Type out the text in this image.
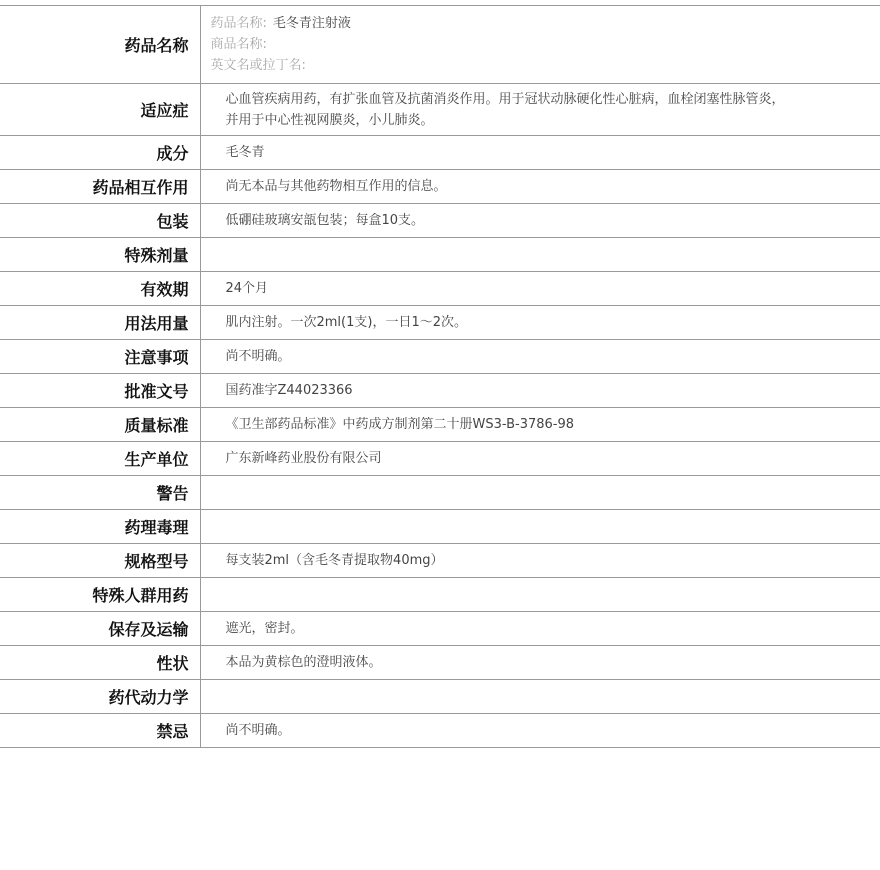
药品名称	药品名称: 毛冬青注射液
商品名称:
英文名或拉丁名:

适应症	心血管疾病用药，有扩张血管及抗菌消炎作用。用于冠状动脉硬化性心脏病，血栓闭塞性脉管炎，并用于中心性视网膜炎，小儿肺炎。
成分	毛冬青
药品相互作用	尚无本品与其他药物相互作用的信息。
包装	低硼硅玻璃安瓿包装；每盒10支。
特殊剂量	
有效期	24个月
用法用量	肌内注射。一次2ml(1支)，一日1～2次。
注意事项	尚不明确。
批准文号	国药准字Z44023366
质量标准	《卫生部药品标准》中药成方制剂第二十册WS3-B-3786-98
生产单位	广东新峰药业股份有限公司
警告	
药理毒理	
规格型号	每支装2ml（含毛冬青提取物40mg）
特殊人群用药	
保存及运输	遮光，密封。
性状	本品为黄棕色的澄明液体。
药代动力学	
禁忌	尚不明确。
